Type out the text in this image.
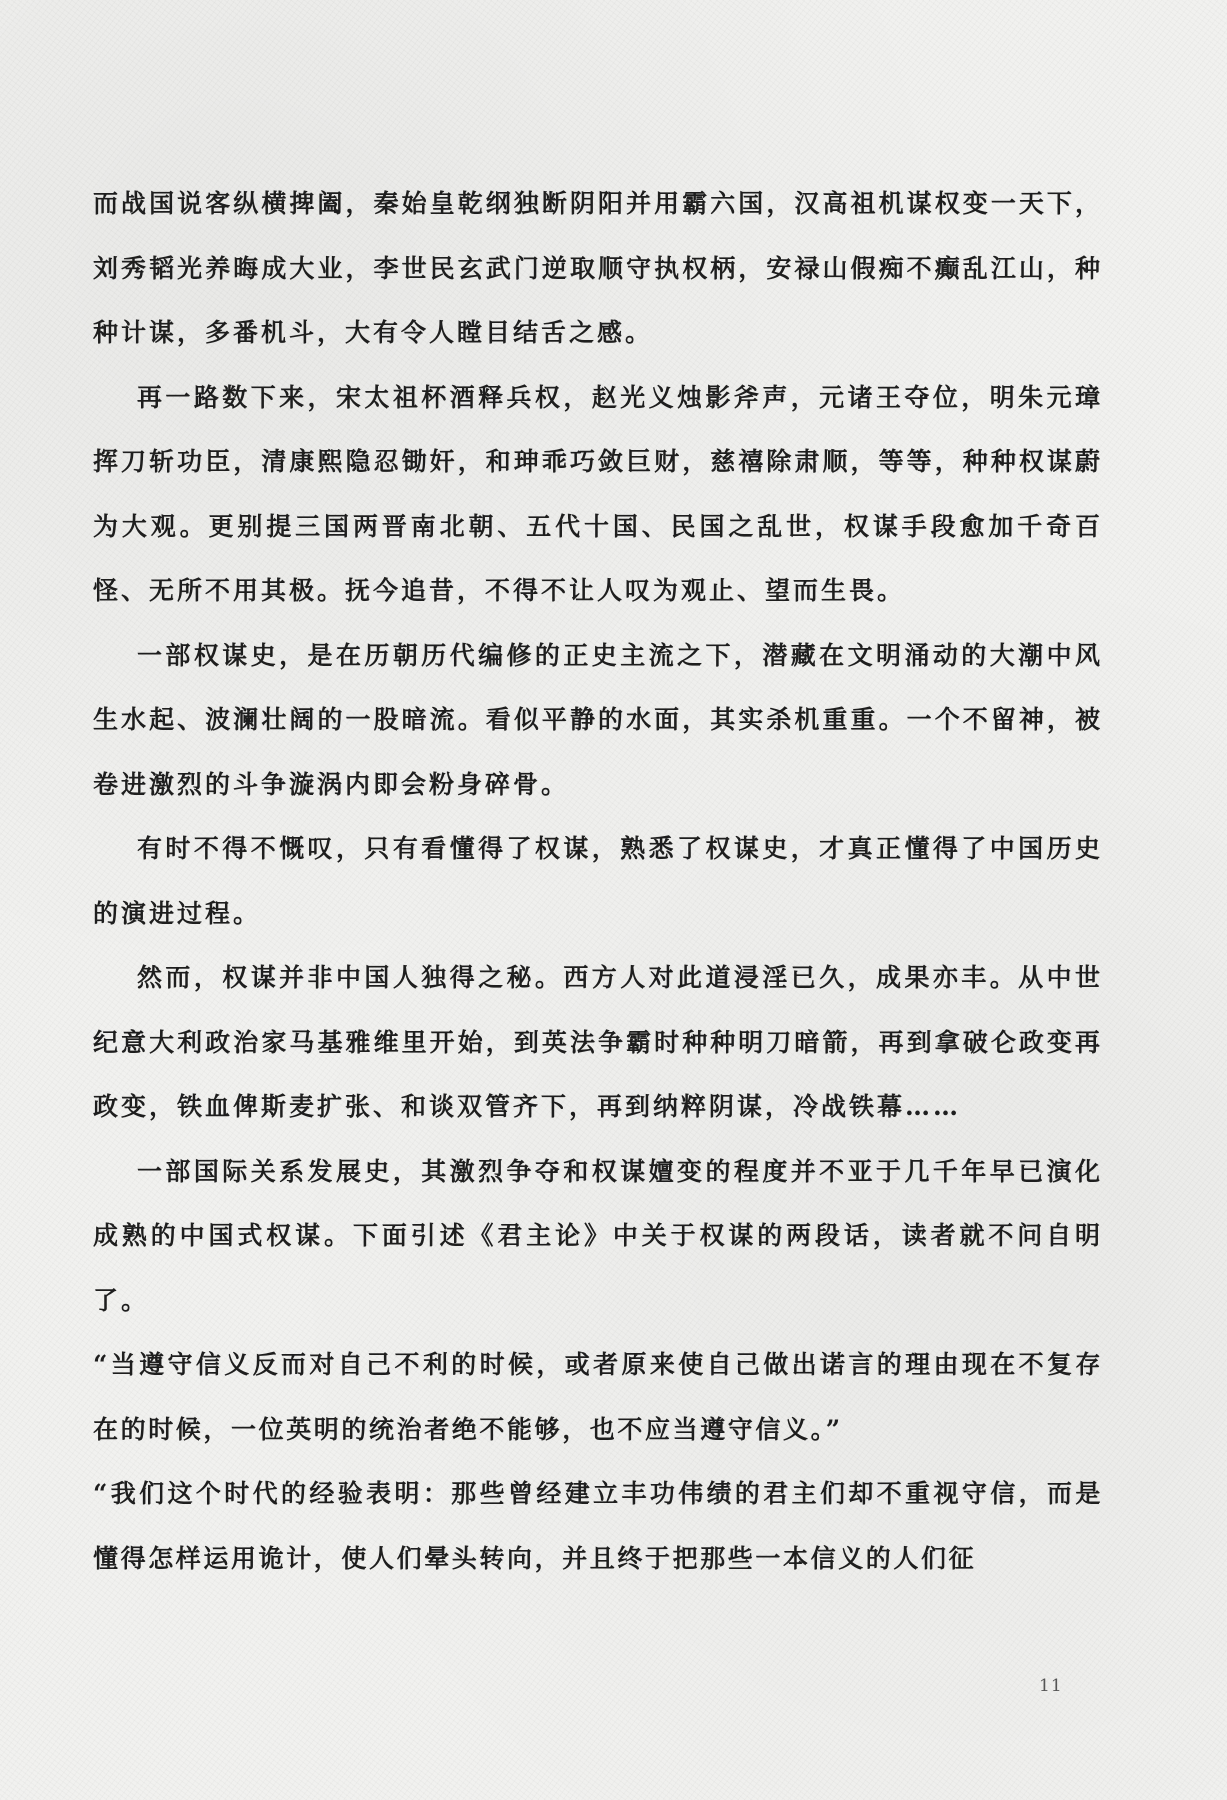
而战国说客纵横捭阖，秦始皇乾纲独断阴阳并用霸六国，汉高祖机谋权变一天下，刘秀韬光养晦成大业，李世民玄武门逆取顺守执权柄，安禄山假痴不癫乱江山，种种计谋，多番机斗，大有令人瞠目结舌之感。

再一路数下来，宋太祖杯酒释兵权，赵光义烛影斧声，元诸王夺位，明朱元璋挥刀斩功臣，清康熙隐忍锄奸，和珅乖巧敛巨财，慈禧除肃顺，等等，种种权谋蔚为大观。更别提三国两晋南北朝、五代十国、民国之乱世，权谋手段愈加千奇百怪、无所不用其极。抚今追昔，不得不让人叹为观止、望而生畏。

一部权谋史，是在历朝历代编修的正史主流之下，潜藏在文明涌动的大潮中风生水起、波澜壮阔的一股暗流。看似平静的水面，其实杀机重重。一个不留神，被卷进激烈的斗争漩涡内即会粉身碎骨。

有时不得不慨叹，只有看懂得了权谋，熟悉了权谋史，才真正懂得了中国历史的演进过程。

然而，权谋并非中国人独得之秘。西方人对此道浸淫已久，成果亦丰。从中世纪意大利政治家马基雅维里开始，到英法争霸时种种明刀暗箭，再到拿破仑政变再政变，铁血俾斯麦扩张、和谈双管齐下，再到纳粹阴谋，冷战铁幕……

一部国际关系发展史，其激烈争夺和权谋嬗变的程度并不亚于几千年早已演化成熟的中国式权谋。下面引述《君主论》中关于权谋的两段话，读者就不问自明了。

“当遵守信义反而对自己不利的时候，或者原来使自己做出诺言的理由现在不复存在的时候，一位英明的统治者绝不能够，也不应当遵守信义。”

“我们这个时代的经验表明：那些曾经建立丰功伟绩的君主们却不重视守信，而是懂得怎样运用诡计，使人们晕头转向，并且终于把那些一本信义的人们征

11
